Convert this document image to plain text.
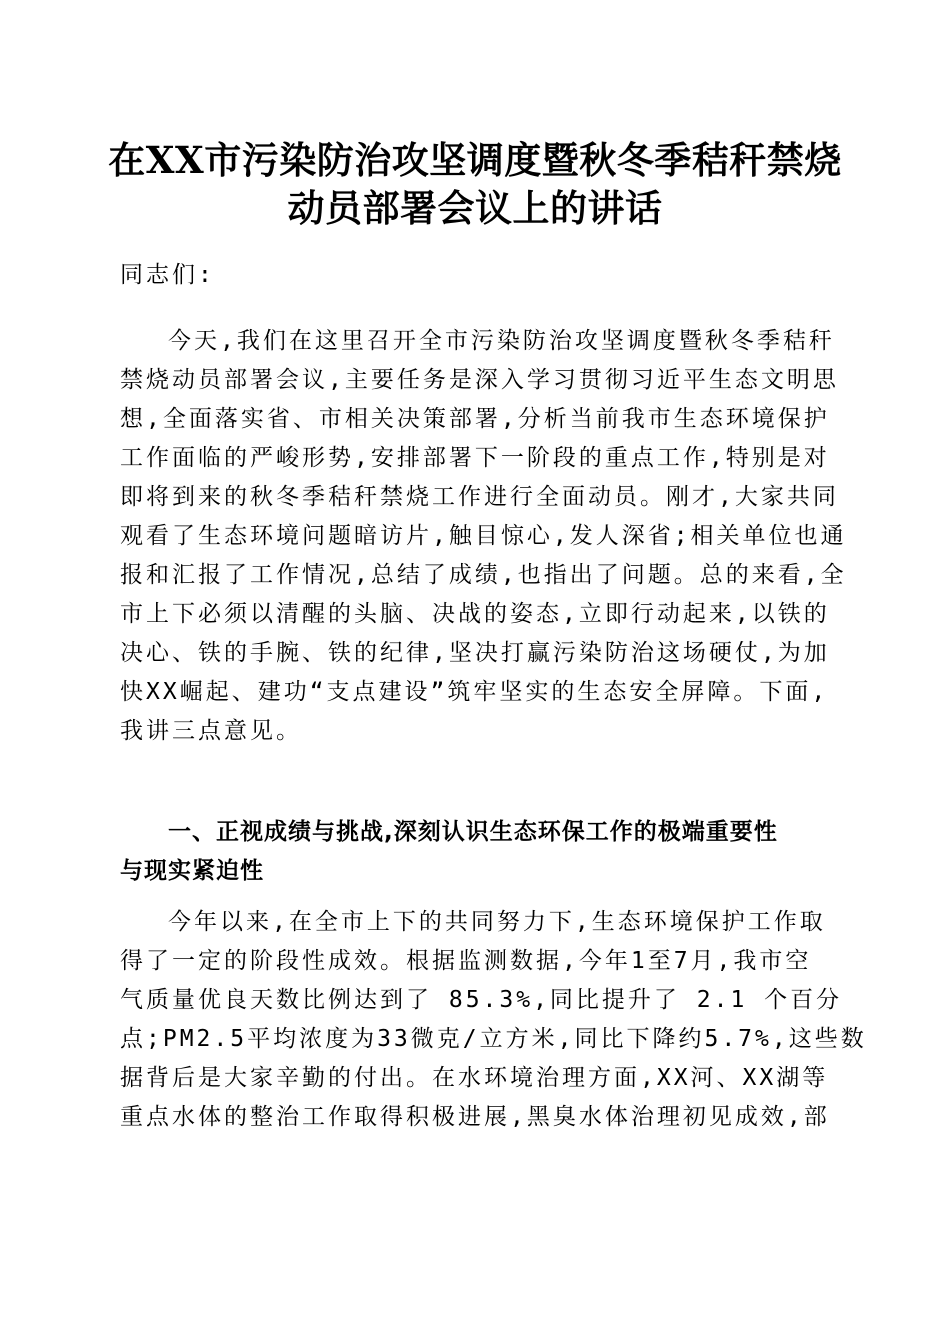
在XX市污染防治攻坚调度暨秋冬季秸秆禁烧
动员部署会议上的讲话
同志们:
今天,我们在这里召开全市污染防治攻坚调度暨秋冬季秸秆
禁烧动员部署会议,主要任务是深入学习贯彻习近平生态文明思
想,全面落实省、市相关决策部署,分析当前我市生态环境保护
工作面临的严峻形势,安排部署下一阶段的重点工作,特别是对
即将到来的秋冬季秸秆禁烧工作进行全面动员。刚才,大家共同
观看了生态环境问题暗访片,触目惊心,发人深省;相关单位也通
报和汇报了工作情况,总结了成绩,也指出了问题。总的来看,全
市上下必须以清醒的头脑、决战的姿态,立即行动起来,以铁的
决心、铁的手腕、铁的纪律,坚决打赢污染防治这场硬仗,为加
快XX崛起、建功“支点建设”筑牢坚实的生态安全屏障。下面,
我讲三点意见。
一、正视成绩与挑战,深刻认识生态环保工作的极端重要性
与现实紧迫性
今年以来,在全市上下的共同努力下,生态环境保护工作取
得了一定的阶段性成效。根据监测数据,今年1至7月,我市空
气质量优良天数比例达到了 85.3%,同比提升了 2.1 个百分
点;PM2.5平均浓度为33微克/立方米,同比下降约5.7%,这些数
据背后是大家辛勤的付出。在水环境治理方面,XX河、XX湖等
重点水体的整治工作取得积极进展,黑臭水体治理初见成效,部
